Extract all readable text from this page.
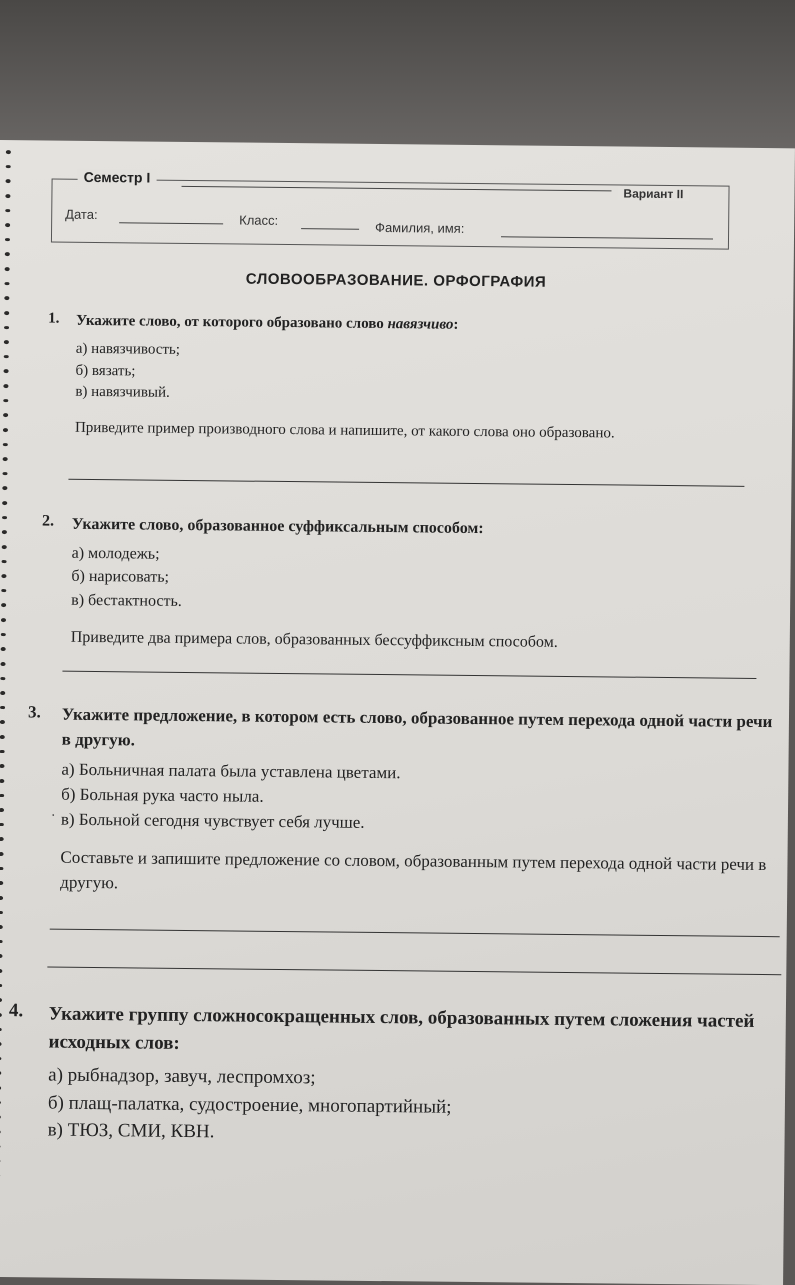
Семестр I
Вариант II
Дата:	Класс:	Фамилия, имя:
СЛОВООБРАЗОВАНИЕ. ОРФОГРАФИЯ
1. Укажите слово, от которого образовано слово навязчиво:
а) навязчивость;
б) вязать;
в) навязчивый.
Приведите пример производного слова и напишите, от какого слова оно образовано.
2. Укажите слово, образованное суффиксальным способом:
а) молодежь;
б) нарисовать;
в) бестактность.
Приведите два примера слов, образованных бессуффиксным способом.
3. Укажите предложение, в котором есть слово, образованное путем перехода одной части речи в другую.
а) Больничная палата была уставлена цветами.
б) Больная рука часто ныла.
в) Больной сегодня чувствует себя лучше.
Составьте и запишите предложение со словом, образованным путем перехода одной части речи в другую.
·
4. Укажите группу сложносокращенных слов, образованных путем сложения частей исходных слов:
а) рыбнадзор, завуч, леспромхоз;
б) плащ-палатка, судостроение, многопартийный;
в) ТЮЗ, СМИ, КВН.
